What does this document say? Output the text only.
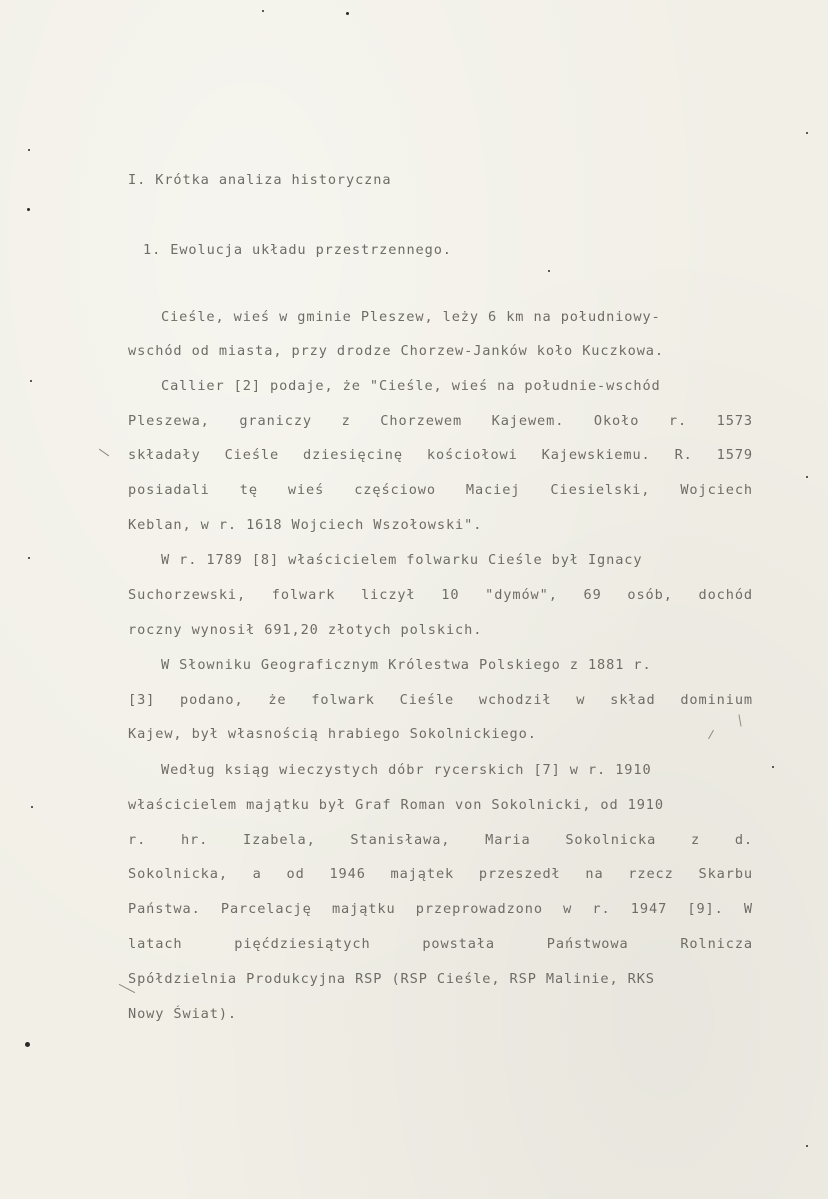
I. Krótka analiza historyczna
1. Ewolucja układu przestrzennego.
Cieśle, wieś w gminie Pleszew, leży 6 km na południowy-
wschód od miasta, przy drodze Chorzew-Janków koło Kuczkowa.
Callier [2] podaje, że "Cieśle, wieś na południe-wschód
Pleszewa, graniczy z Chorzewem Kajewem. Około r. 1573
składały Cieśle dziesięcinę kościołowi Kajewskiemu. R. 1579
posiadali tę wieś częściowo Maciej Ciesielski, Wojciech
Keblan, w r. 1618 Wojciech Wszołowski".
W r. 1789 [8] właścicielem folwarku Cieśle był Ignacy
Suchorzewski, folwark liczył 10 "dymów", 69 osób, dochód
roczny wynosił 691,20 złotych polskich.
W Słowniku Geograficznym Królestwa Polskiego z 1881 r.
[3] podano, że folwark Cieśle wchodził w skład dominium
Kajew, był własnością hrabiego Sokolnickiego.
Według ksiąg wieczystych dóbr rycerskich [7] w r. 1910
właścicielem majątku był Graf Roman von Sokolnicki, od 1910
r. hr. Izabela, Stanisława, Maria Sokolnicka z d.
Sokolnicka, a od 1946 majątek przeszedł na rzecz Skarbu
Państwa. Parcelację majątku przeprowadzono w r. 1947 [9]. W
latach pięćdziesiątych powstała Państwowa Rolnicza
Spółdzielnia Produkcyjna RSP (RSP Cieśle, RSP Malinie, RKS
Nowy Świat).
